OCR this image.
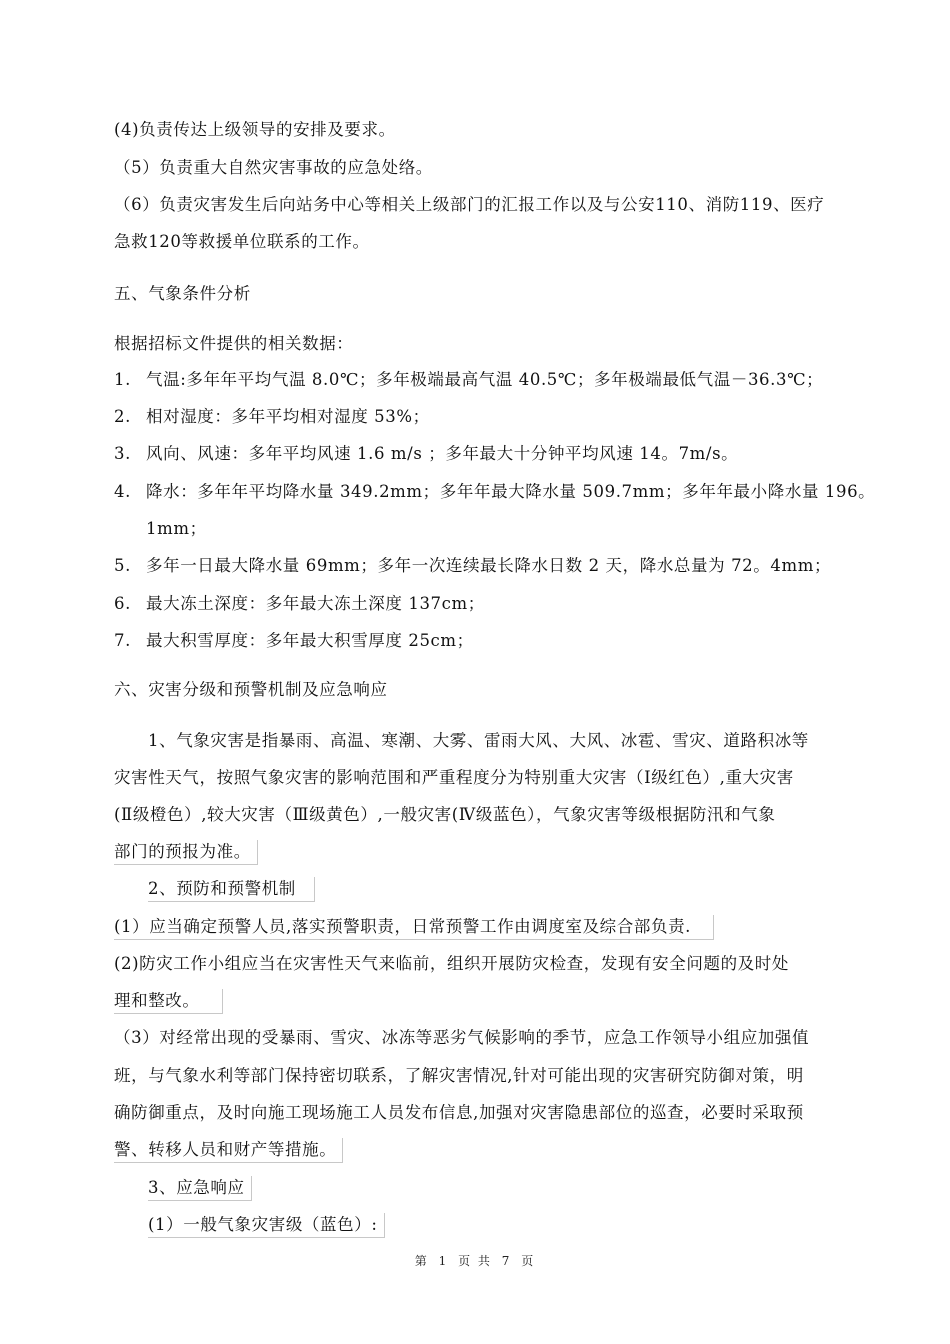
(4)负责传达上级领导的安排及要求。
（5）负责重大自然灾害事故的应急处络。
（6）负责灾害发生后向站务中心等相关上级部门的汇报工作以及与公安110、消防119、医疗
急救120等救援单位联系的工作。
五、气象条件分析
根据招标文件提供的相关数据：
1. 气温:多年年平均气温 8.0℃；多年极端最高气温 40.5℃；多年极端最低气温－36.3℃；
2. 相对湿度：多年平均相对湿度 53%；
3. 风向、风速：多年平均风速 1.6 m/s ；多年最大十分钟平均风速 14。7m/s。
4. 降水：多年年平均降水量 349.2mm；多年年最大降水量 509.7mm；多年年最小降水量 196。
1mm；
5. 多年一日最大降水量 69mm；多年一次连续最长降水日数 2 天，降水总量为 72。4mm；
6. 最大冻土深度：多年最大冻土深度 137cm；
7. 最大积雪厚度：多年最大积雪厚度 25cm；
六、灾害分级和预警机制及应急响应
1、气象灾害是指暴雨、高温、寒潮、大雾、雷雨大风、大风、冰雹、雪灾、道路积冰等
灾害性天气，按照气象灾害的影响范围和严重程度分为特别重大灾害（Ⅰ级红色）,重大灾害
(Ⅱ级橙色）,较大灾害（Ⅲ级黄色）,一般灾害(Ⅳ级蓝色），气象灾害等级根据防汛和气象
部门的预报为准。
2、预防和预警机制
(1）应当确定预警人员,落实预警职责，日常预警工作由调度室及综合部负责.
(2)防灾工作小组应当在灾害性天气来临前，组织开展防灾检查，发现有安全问题的及时处
理和整改。
（3）对经常出现的受暴雨、雪灾、冰冻等恶劣气候影响的季节，应急工作领导小组应加强值
班，与气象水利等部门保持密切联系，了解灾害情况,针对可能出现的灾害研究防御对策，明
确防御重点，及时向施工现场施工人员发布信息,加强对灾害隐患部位的巡查，必要时采取预
警、转移人员和财产等措施。
3、应急响应
(1）一般气象灾害级（蓝色）:
第 1 页 共 7 页
